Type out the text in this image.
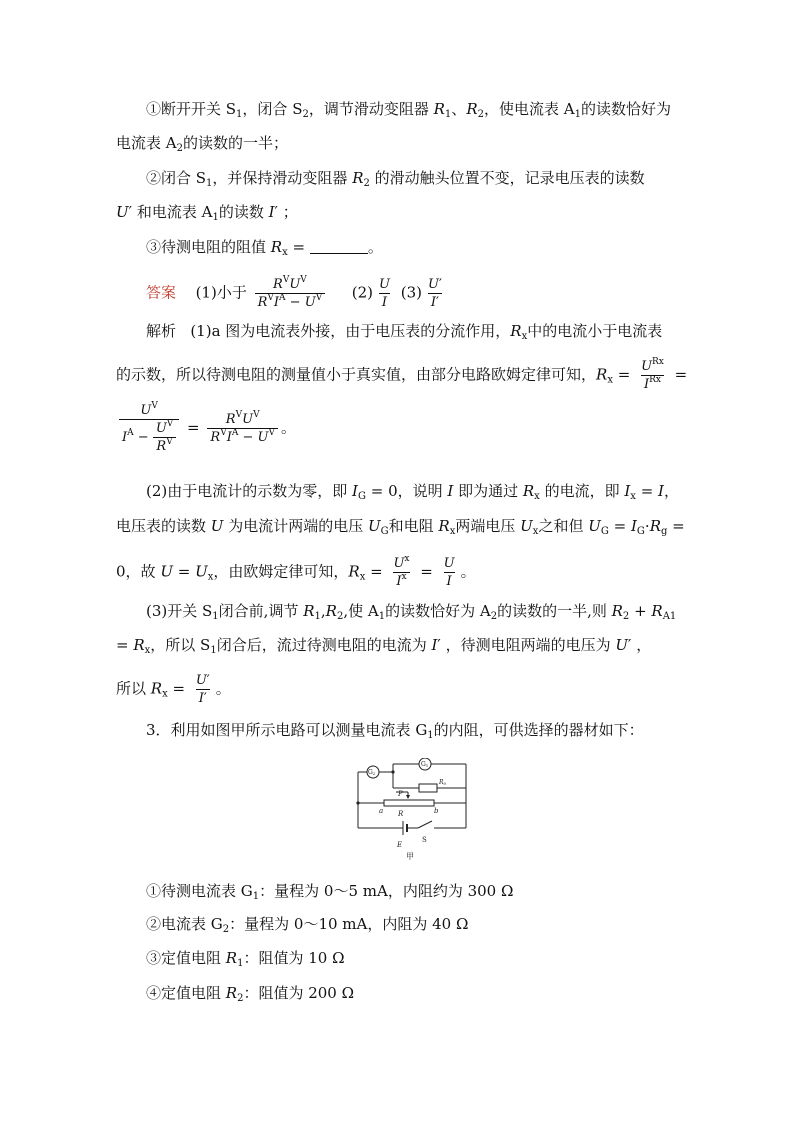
①断开开关 $S_1$，闭合 $S_2$，调节滑动变阻器 $R_1$、$R_2$，使电流表 $A_1$的读数恰好为
电流表 $A_2$的读数的一半；
②闭合 $S_1$，并保持滑动变阻器 $R_2$ 的滑动触头位置不变，记录电压表的读数
U′ 和电流表 $A_1$的读数 I′ ；
③待测电阻的阻值 $R_x$ =	。
答案 (1)小于 $\frac{R^VU^V}{R^VI^A - U^V} (2) \frac{U}{I} (3) \frac{U'}{I'}$
解析 (1)a 图为电流表外接，由于电压表的分流作用，$R_x$中的电流小于电流表
的示数，所以待测电阻的测量值小于真实值，由部分电路欧姆定律可知，$R_x = \frac{U^{Rx}}{I^{Rx}}$ =
$\frac{U^V}{I^A - \frac{U^V}{R^V}} = \frac{R^VU^V}{R^VI^A - U^V}$ 。
(2)由于电流计的示数为零，即 $I_G = 0$，说明 I 即为通过 $R_x$ 的电流，即 $I_x = I$，
电压表的读数 U 为电流计两端的电压 $U_G$和电阻 $R_x$两端电压 $U_x$之和但 $U_G = I_G\cdot R_g$ =
0，故 $U = U_x$，由欧姆定律可知，$R_x = \frac{U^x}{I^x} = \frac{U}{I}$ 。
(3)开关 $S_1$闭合前,调节 $R_1,R_2$,使 $A_1$的读数恰好为 $A_2$的读数的一半,则 $R_2 + R_{A1}$
= $R_x$，所以 $S_1$闭合后，流过待测电阻的电流为 I′ ，待测电阻两端的电压为 U′ ，
所以 $R_x = \frac{U'}{I'}$ 。
3．利用如图甲所示电路可以测量电流表 $G_1$的内阻，可供选择的器材如下：
G2
G1
R0
P
a R	b
E
S
甲
①待测电流表 $G_1$：量程为 0～5 mA，内阻约为 300 Ω
②电流表 $G_2$：量程为 0～10 mA，内阻为 40 Ω
③定值电阻 $R_1$：阻值为 10 Ω
④定值电阻 $R_2$：阻值为 200 Ω
